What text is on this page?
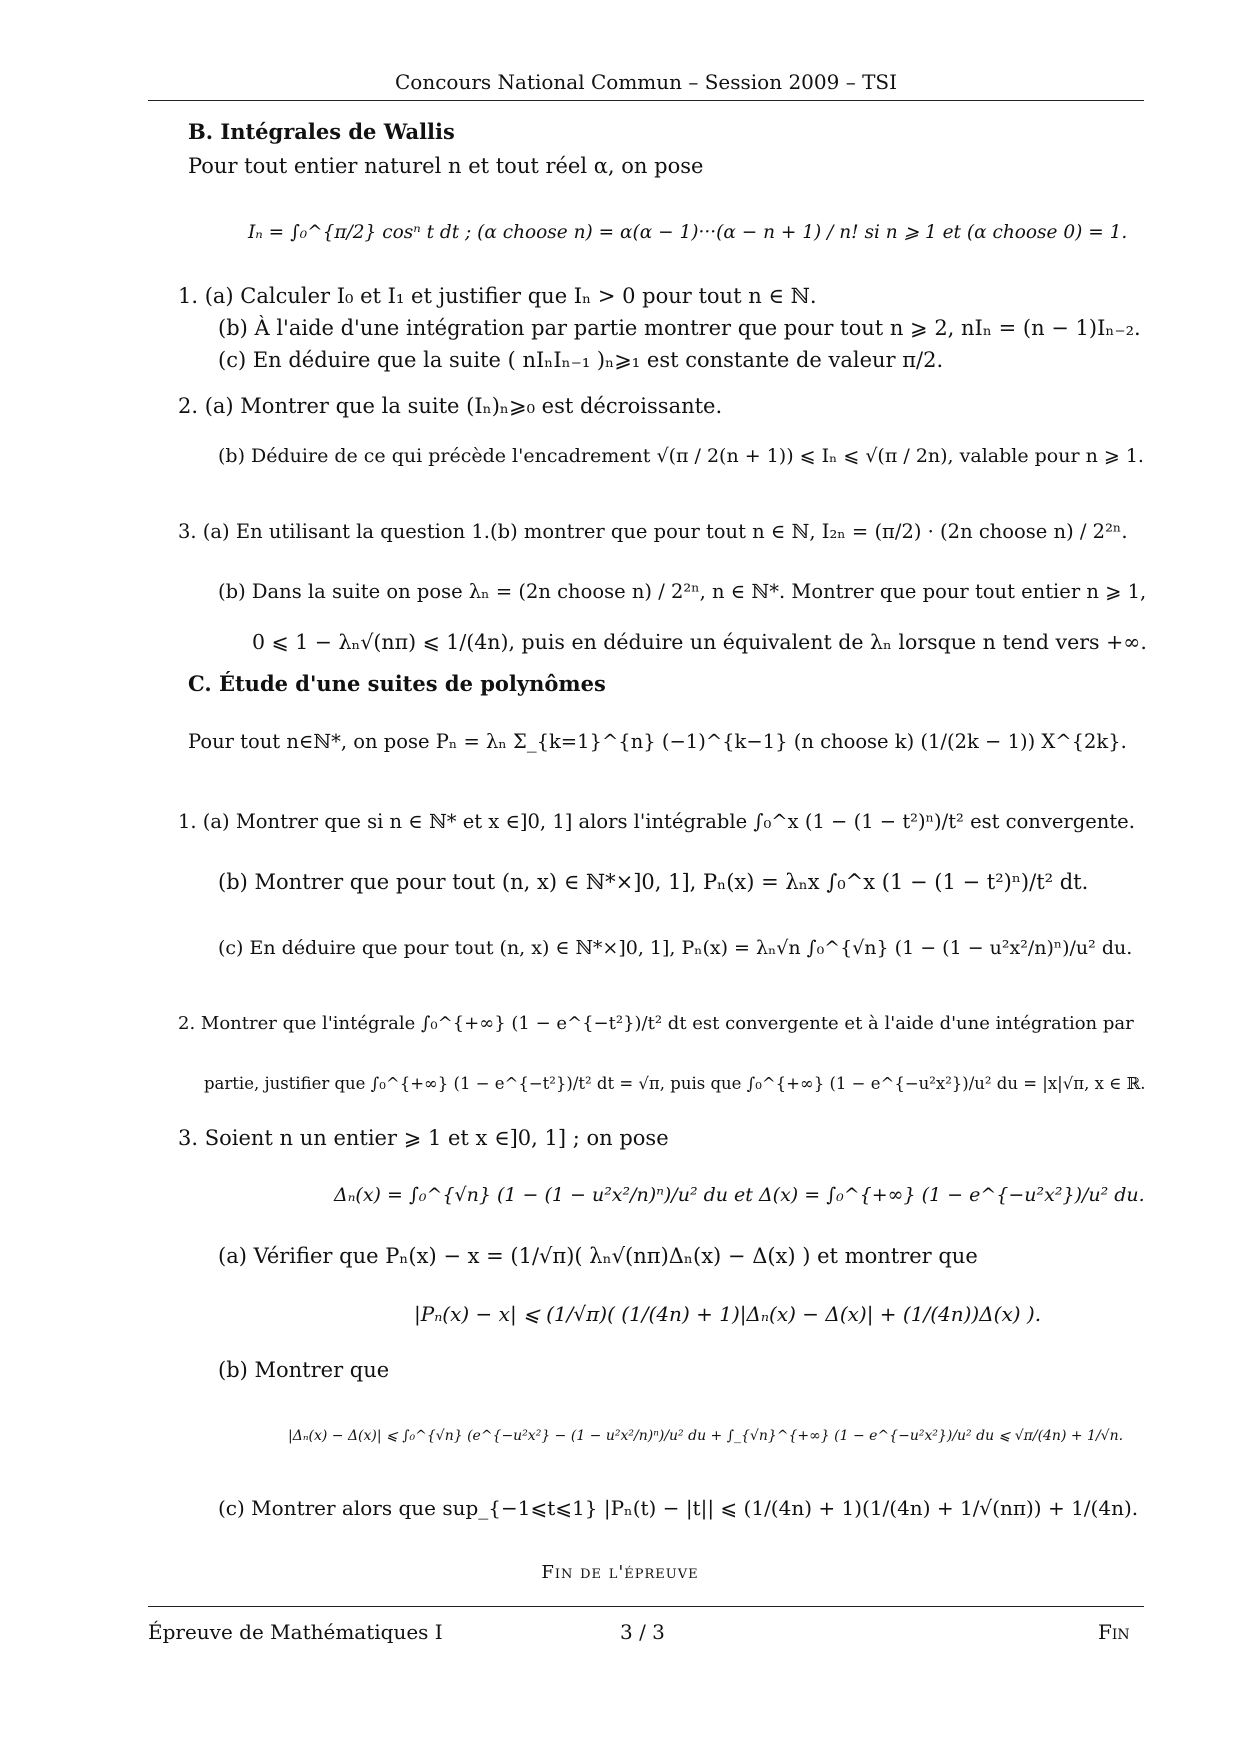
Concours National Commun – Session 2009 – TSI
B. Intégrales de Wallis
Pour tout entier naturel n et tout réel α, on pose
Iₙ = ∫₀^{π/2} cosⁿ t dt ; (α choose n) = α(α − 1)···(α − n + 1) / n! si n ⩾ 1 et (α choose 0) = 1.
1. (a) Calculer I₀ et I₁ et justifier que Iₙ > 0 pour tout n ∈ ℕ.
(b) À l'aide d'une intégration par partie montrer que pour tout n ⩾ 2, nIₙ = (n − 1)Iₙ₋₂.
(c) En déduire que la suite ( nIₙIₙ₋₁ )ₙ⩾₁ est constante de valeur π/2.
2. (a) Montrer que la suite (Iₙ)ₙ⩾₀ est décroissante.
(b) Déduire de ce qui précède l'encadrement √(π / 2(n + 1)) ⩽ Iₙ ⩽ √(π / 2n), valable pour n ⩾ 1.
3. (a) En utilisant la question 1.(b) montrer que pour tout n ∈ ℕ, I₂ₙ = (π/2) · (2n choose n) / 2²ⁿ.
(b) Dans la suite on pose λₙ = (2n choose n) / 2²ⁿ, n ∈ ℕ*. Montrer que pour tout entier n ⩾ 1,
0 ⩽ 1 − λₙ√(nπ) ⩽ 1/(4n), puis en déduire un équivalent de λₙ lorsque n tend vers +∞.
C. Étude d'une suites de polynômes
Pour tout n∈ℕ*, on pose Pₙ = λₙ Σ_{k=1}^{n} (−1)^{k−1} (n choose k) (1/(2k − 1)) X^{2k}.
1. (a) Montrer que si n ∈ ℕ* et x ∈]0, 1] alors l'intégrable ∫₀^x (1 − (1 − t²)ⁿ)/t² est convergente.
(b) Montrer que pour tout (n, x) ∈ ℕ*×]0, 1], Pₙ(x) = λₙx ∫₀^x (1 − (1 − t²)ⁿ)/t² dt.
(c) En déduire que pour tout (n, x) ∈ ℕ*×]0, 1], Pₙ(x) = λₙ√n ∫₀^{√n} (1 − (1 − u²x²/n)ⁿ)/u² du.
2. Montrer que l'intégrale ∫₀^{+∞} (1 − e^{−t²})/t² dt est convergente et à l'aide d'une intégration par
partie, justifier que ∫₀^{+∞} (1 − e^{−t²})/t² dt = √π, puis que ∫₀^{+∞} (1 − e^{−u²x²})/u² du = |x|√π, x ∈ ℝ.
3. Soient n un entier ⩾ 1 et x ∈]0, 1] ; on pose
Δₙ(x) = ∫₀^{√n} (1 − (1 − u²x²/n)ⁿ)/u² du et Δ(x) = ∫₀^{+∞} (1 − e^{−u²x²})/u² du.
(a) Vérifier que Pₙ(x) − x = (1/√π)( λₙ√(nπ)Δₙ(x) − Δ(x) ) et montrer que
|Pₙ(x) − x| ⩽ (1/√π)( (1/(4n) + 1)|Δₙ(x) − Δ(x)| + (1/(4n))Δ(x) ).
(b) Montrer que
|Δₙ(x) − Δ(x)| ⩽ ∫₀^{√n} (e^{−u²x²} − (1 − u²x²/n)ⁿ)/u² du + ∫_{√n}^{+∞} (1 − e^{−u²x²})/u² du ⩽ √π/(4n) + 1/√n.
(c) Montrer alors que sup_{−1⩽t⩽1} |Pₙ(t) − |t|| ⩽ (1/(4n) + 1)(1/(4n) + 1/√(nπ)) + 1/(4n).
Fin de l'épreuve
Épreuve de Mathématiques I	3 / 3	Fin
